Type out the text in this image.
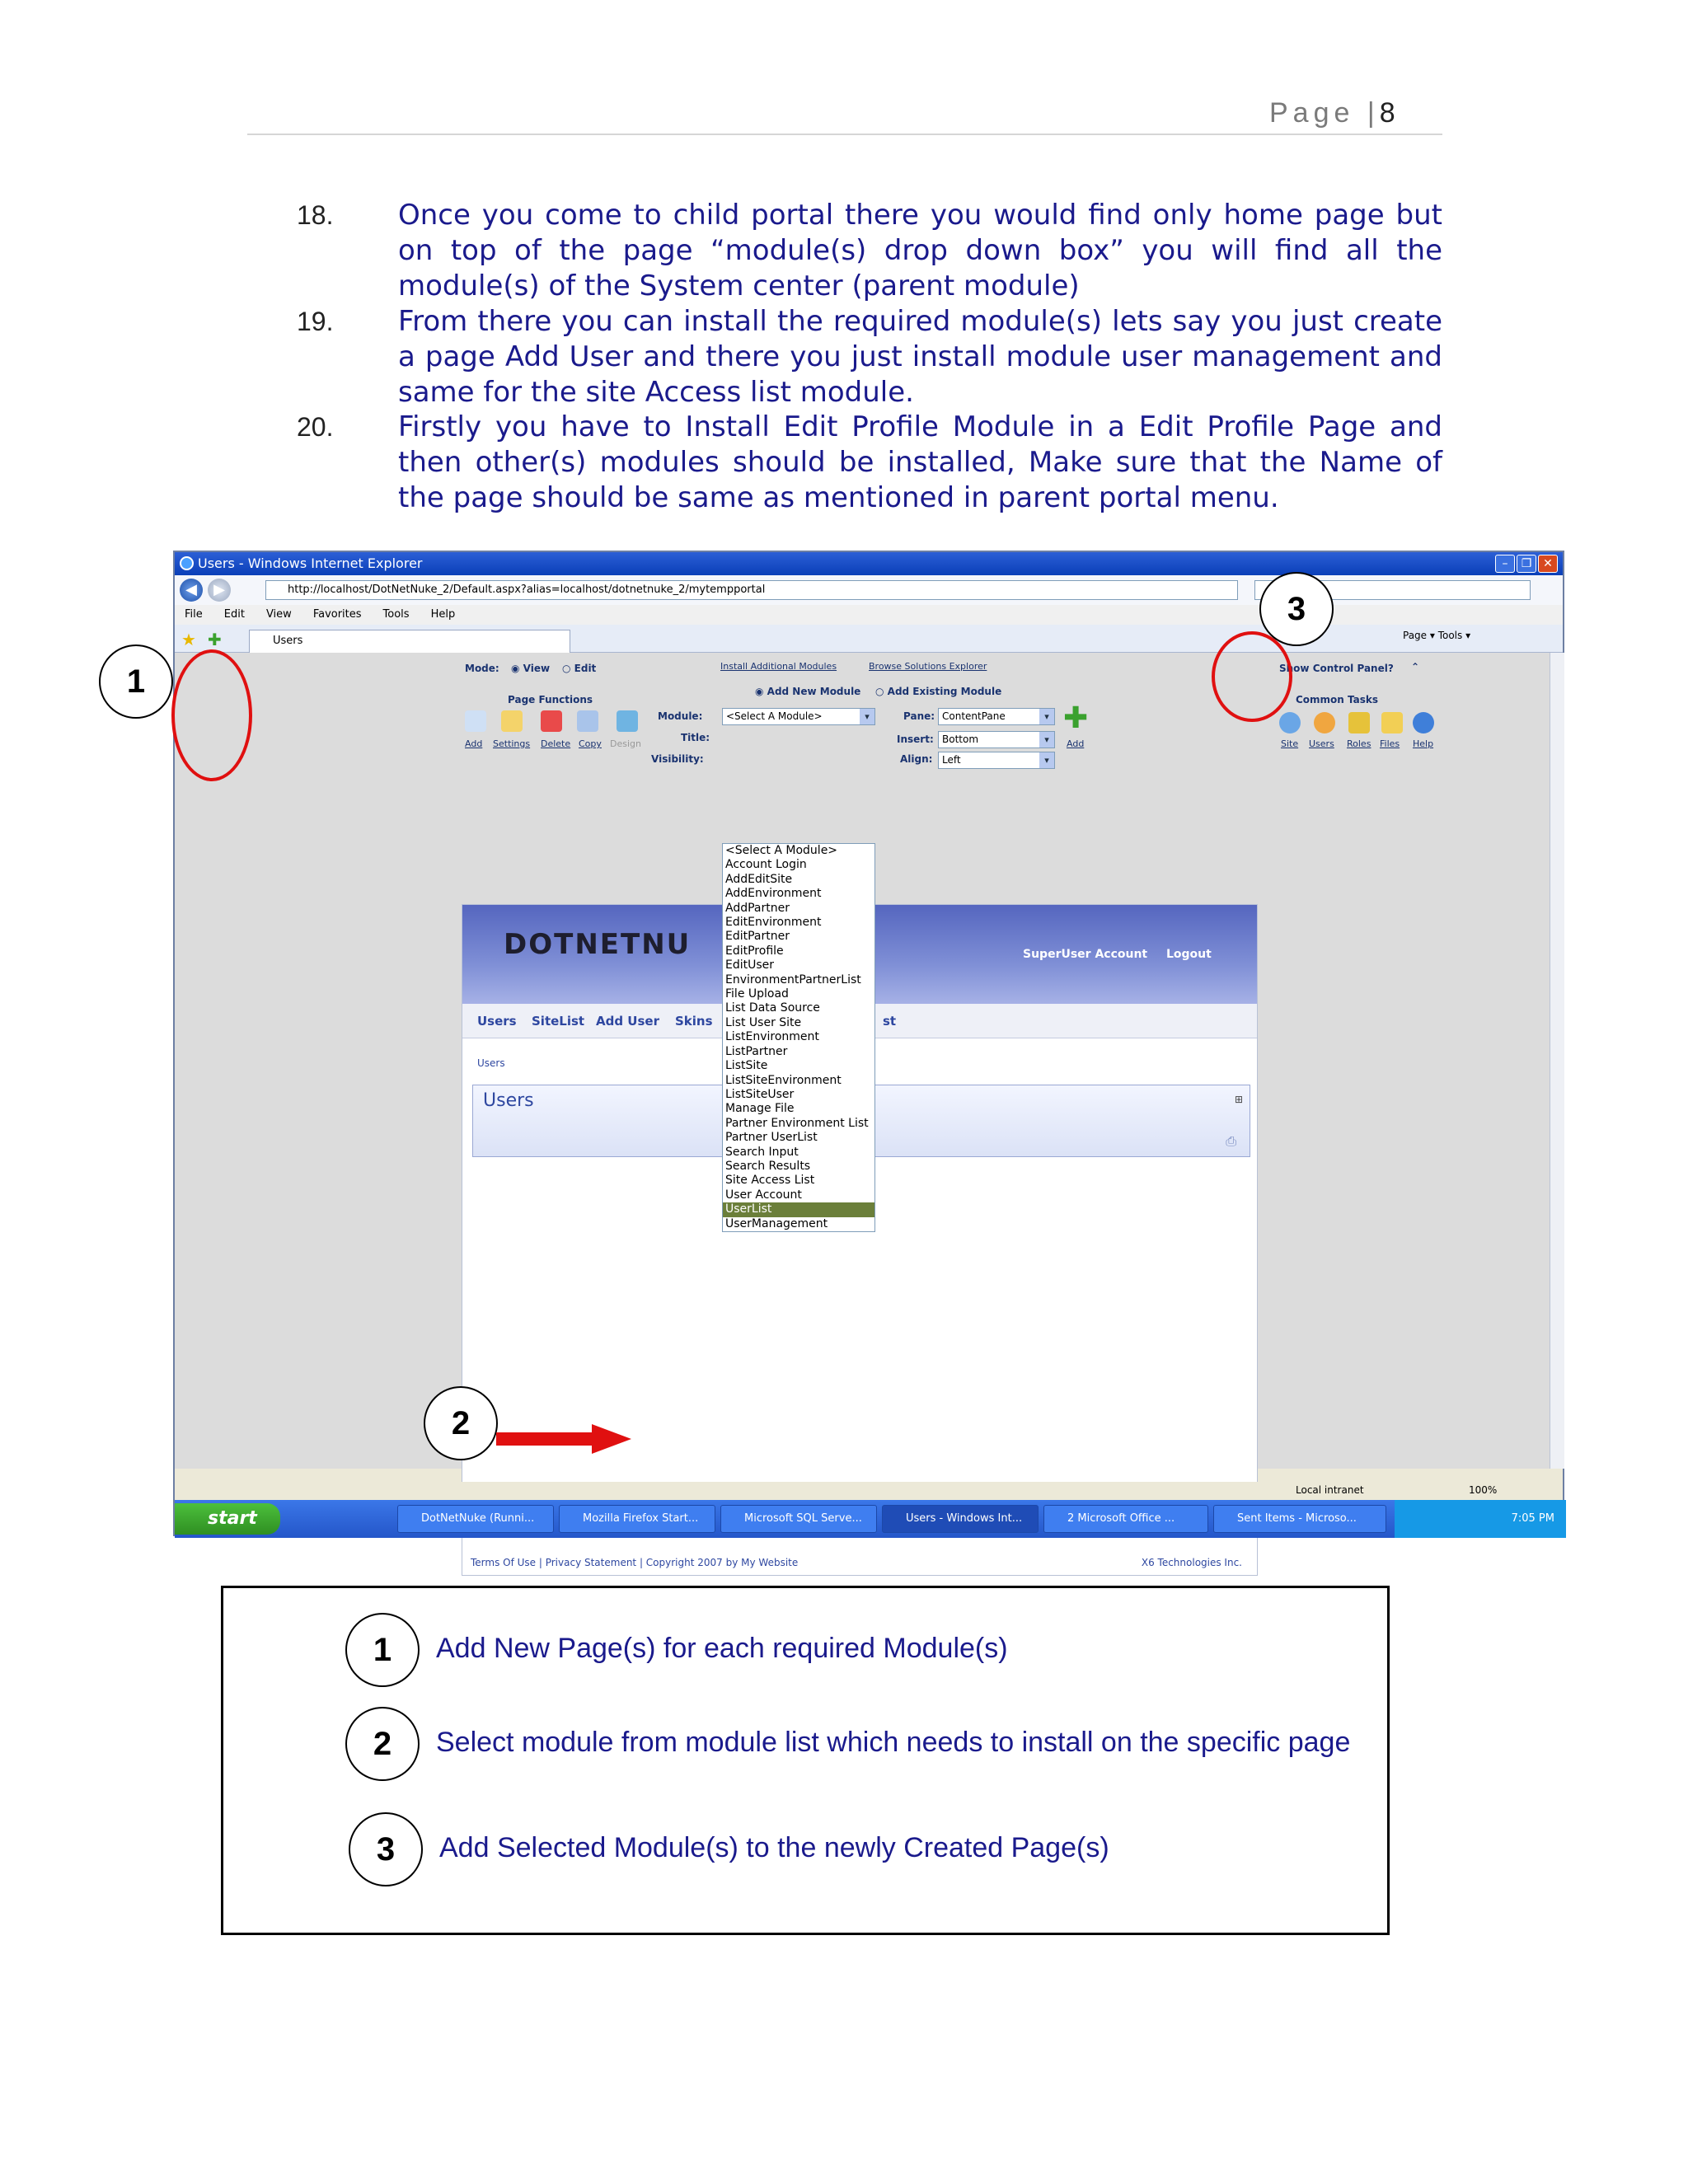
Page |8
18. Once you come to child portal there you would find only home page but on top of the page “module(s) drop down box” you will find all the module(s) of the System center (parent module)
19. From there you can install the required module(s) lets say you just create a page Add User and there you just install module user management and same for the site Access list module.
20. Firstly you have to Install Edit Profile Module in a Edit Profile Page and then other(s) modules should be installed, Make sure that the Name of the page should be same as mentioned in parent portal menu.
Users - Windows Internet Explorer	–	❐ ✕
◀	▶	http://localhost/DotNetNuke_2/Default.aspx?alias=localhost/dotnetnuke_2/mytempportal
File Edit View Favorites Tools Help
★ ✚	Users	Page ▾ Tools ▾
Mode: ◉ View ○ Edit	Install Additional Modules	Browse Solutions Explorer	Show Control Panel? ⌃
◉ Add New Module ○ Add Existing Module
Page Functions
Add Settings Delete Copy Design
Module:	<Select A Module> ▾
Title:
Visibility:
Pane: ContentPane ▾
Insert: Bottom ▾
Align: Left ▾
✚
Add
Common Tasks
Site Users Roles Files Help
DOTNETNU	SuperUser Account Logout
Users SiteList Add User Skins	st
Users
Users	⊞
⎙
Terms Of Use | Privacy Statement | Copyright 2007 by My Website	X6 Technologies Inc.
<Select A Module>
Account Login
AddEditSite
AddEnvironment
AddPartner
EditEnvironment
EditPartner
EditProfile
EditUser
EnvironmentPartnerList
File Upload
List Data Source
List User Site
ListEnvironment
ListPartner
ListSite
ListSiteEnvironment
ListSiteUser
Manage File
Partner Environment List
Partner UserList
Search Input
Search Results
Site Access List
User Account
UserList
UserManagement
Local intranet	100%
start	DotNetNuke (Runni...	Mozilla Firefox Start...	Microsoft SQL Serve...	Users - Windows Int...	2 Microsoft Office ...	Sent Items - Microso...	7:05 PM
1
3
2
1	Add New Page(s) for each required Module(s)
2	Select module from module list which needs to install on the specific page
3	Add Selected Module(s) to the newly Created Page(s)
